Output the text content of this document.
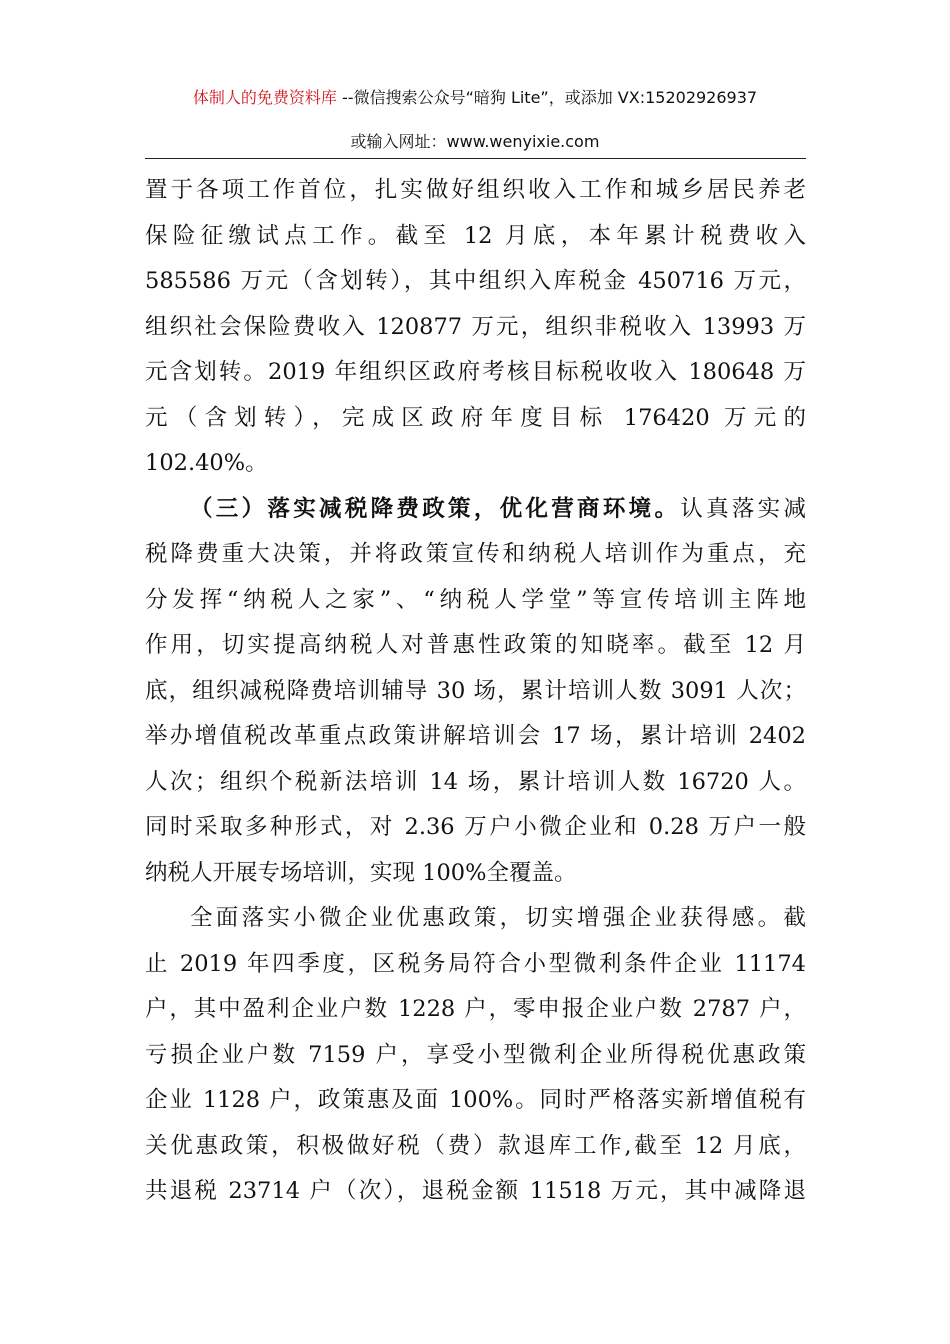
体制人的免费资料库 --微信搜索公众号“暗狗 Lite”，或添加 VX:15202926937
或输入网址：www.wenyixie.com
置于各项工作首位，扎实做好组织收入工作和城乡居民养老
保险征缴试点工作。截至 12 月底，本年累计税费收入
585586 万元（含划转），其中组织入库税金 450716 万元，
组织社会保险费收入 120877 万元，组织非税收入 13993 万
元含划转。2019 年组织区政府考核目标税收收入 180648 万
元（含划转），完成区政府年度目标 176420 万元的
102.40%。
（三）落实减税降费政策，优化营商环境。认真落实减
税降费重大决策，并将政策宣传和纳税人培训作为重点，充
分发挥“纳税人之家”、“纳税人学堂”等宣传培训主阵地
作用，切实提高纳税人对普惠性政策的知晓率。截至 12 月
底，组织减税降费培训辅导 30 场，累计培训人数 3091 人次；
举办增值税改革重点政策讲解培训会 17 场，累计培训 2402
人次；组织个税新法培训 14 场，累计培训人数 16720 人。
同时采取多种形式，对 2.36 万户小微企业和 0.28 万户一般
纳税人开展专场培训，实现 100%全覆盖。
全面落实小微企业优惠政策，切实增强企业获得感。截
止 2019 年四季度，区税务局符合小型微利条件企业 11174
户，其中盈利企业户数 1228 户，零申报企业户数 2787 户，
亏损企业户数 7159 户，享受小型微利企业所得税优惠政策
企业 1128 户，政策惠及面 100%。同时严格落实新增值税有
关优惠政策，积极做好税（费）款退库工作,截至 12 月底，
共退税 23714 户（次），退税金额 11518 万元，其中减降退
